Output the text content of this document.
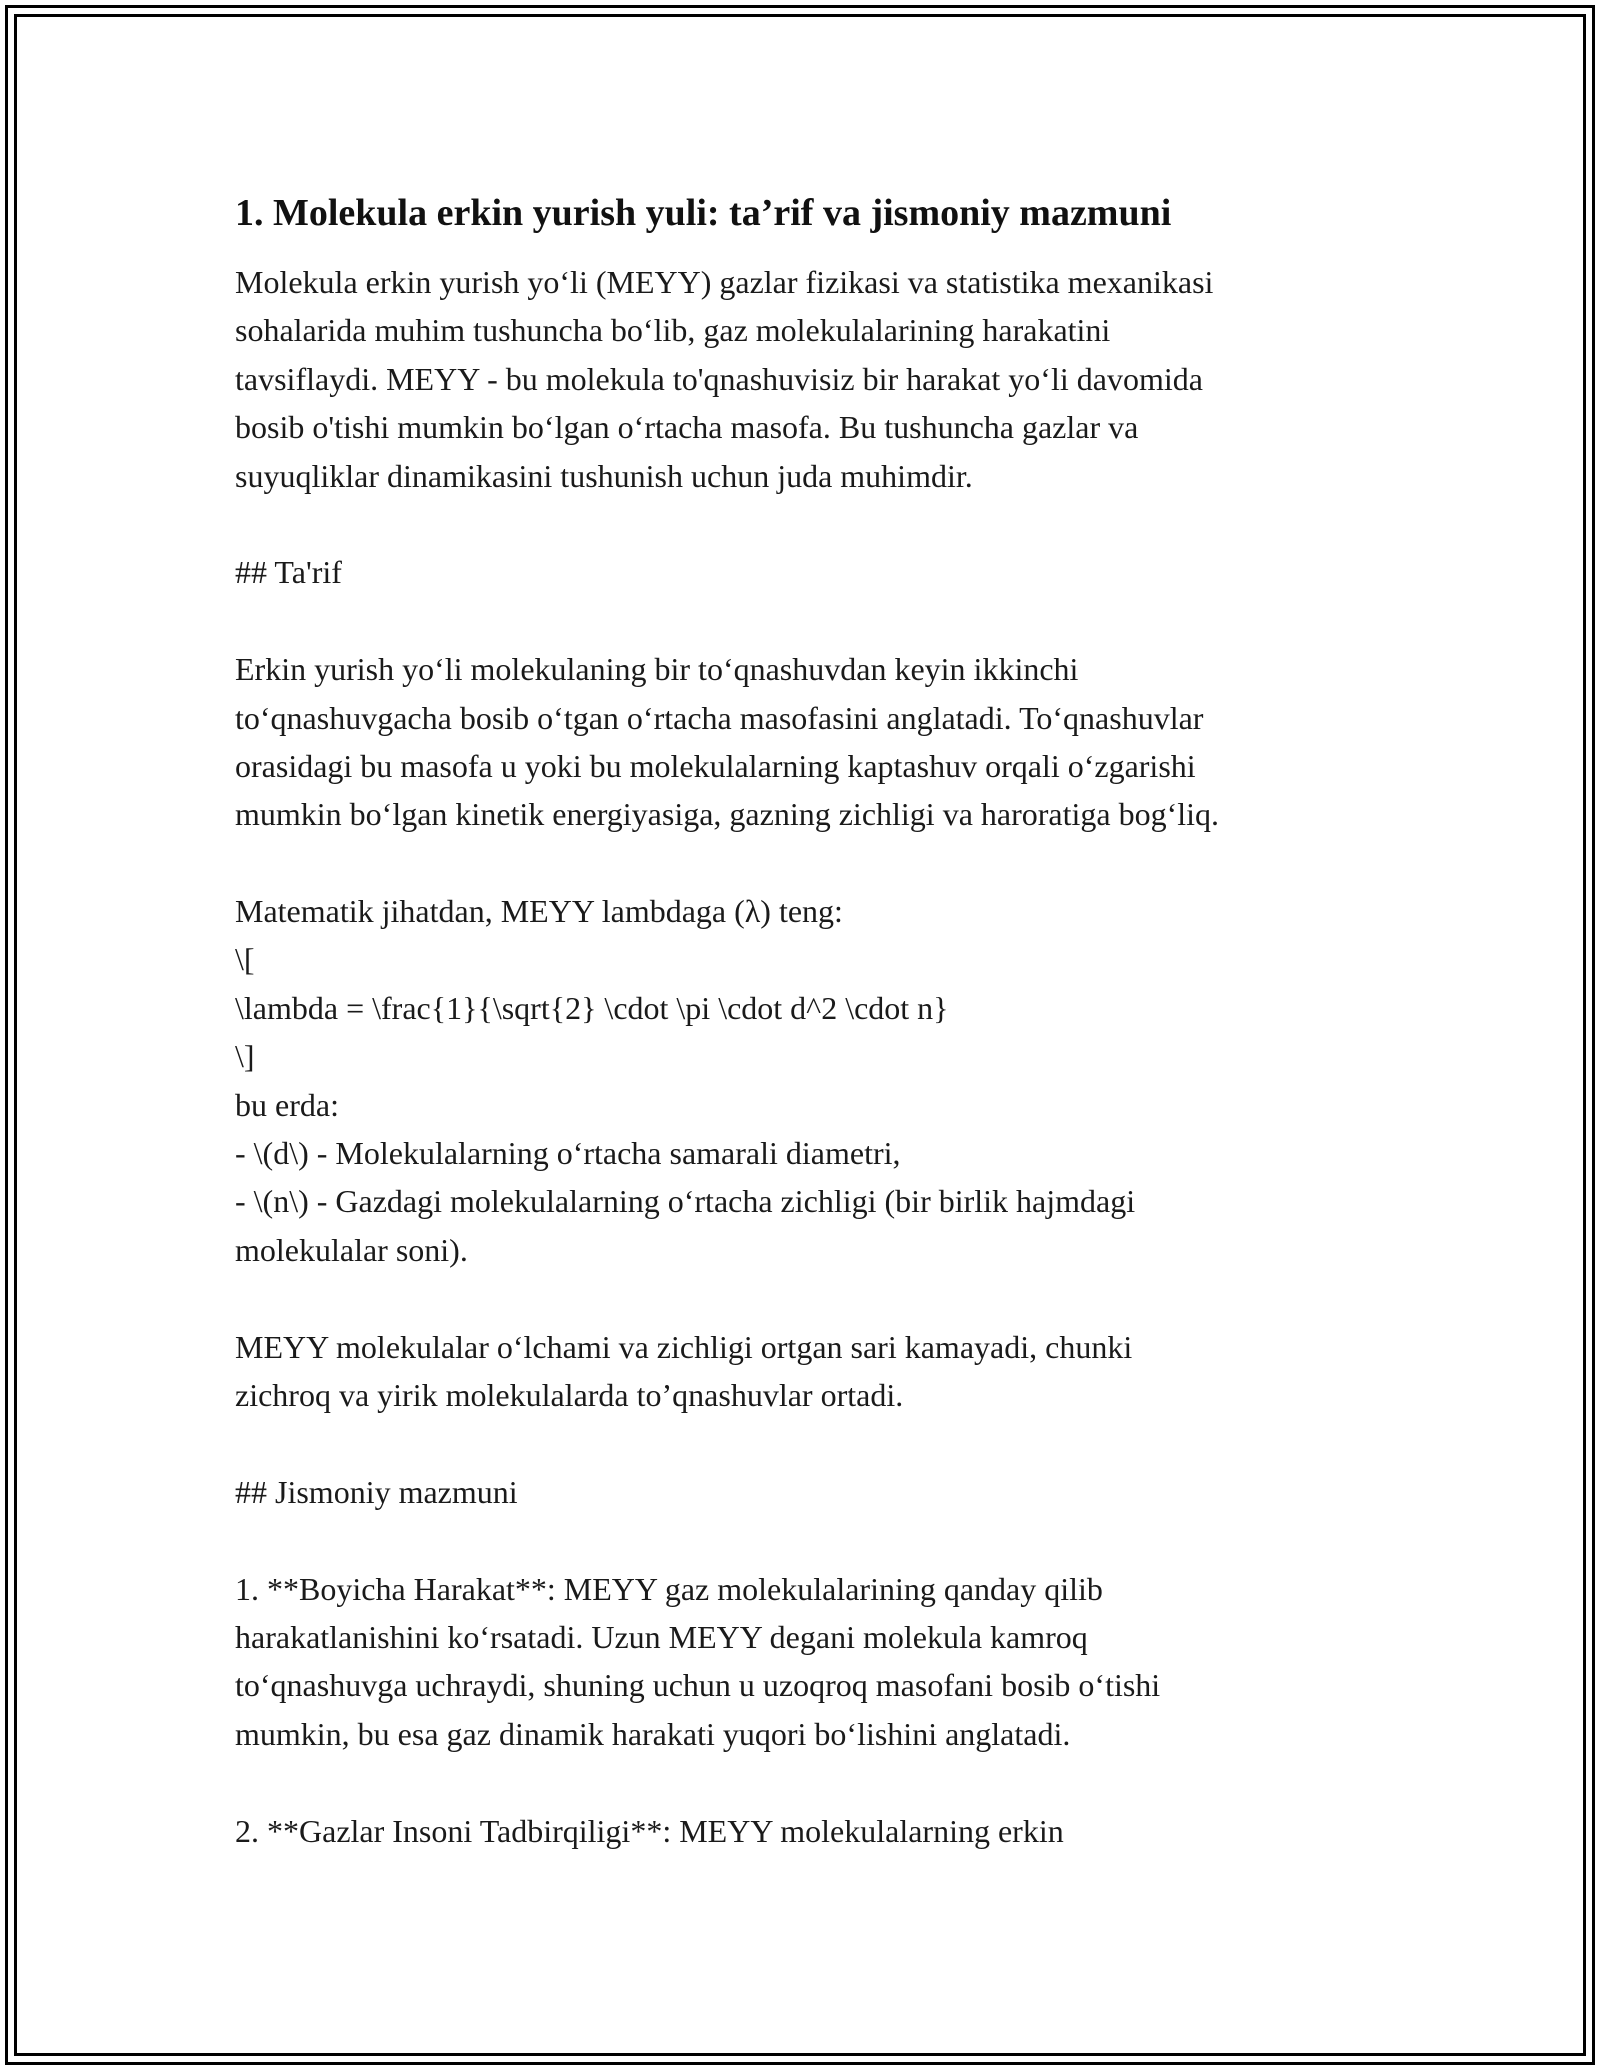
1. Molekula erkin yurish yuli: ta’rif va jismoniy mazmuni
Molekula erkin yurish yo‘li (MEYY) gazlar fizikasi va statistika mexanikasi
sohalarida muhim tushuncha bo‘lib, gaz molekulalarining harakatini
tavsiflaydi. MEYY - bu molekula to'qnashuvisiz bir harakat yo‘li davomida
bosib o'tishi mumkin bo‘lgan o‘rtacha masofa. Bu tushuncha gazlar va
suyuqliklar dinamikasini tushunish uchun juda muhimdir.
## Ta'rif
Erkin yurish yo‘li molekulaning bir to‘qnashuvdan keyin ikkinchi
to‘qnashuvgacha bosib o‘tgan o‘rtacha masofasini anglatadi. To‘qnashuvlar
orasidagi bu masofa u yoki bu molekulalarning kaptashuv orqali o‘zgarishi
mumkin bo‘lgan kinetik energiyasiga, gazning zichligi va haroratiga bog‘liq.
Matematik jihatdan, MEYY lambdaga (λ) teng:
\[
\lambda = \frac{1}{\sqrt{2} \cdot \pi \cdot d^2 \cdot n}
\]
bu erda:
- \(d\) - Molekulalarning o‘rtacha samarali diametri,
- \(n\) - Gazdagi molekulalarning o‘rtacha zichligi (bir birlik hajmdagi
molekulalar soni).
MEYY molekulalar o‘lchami va zichligi ortgan sari kamayadi, chunki
zichroq va yirik molekulalarda to’qnashuvlar ortadi.
## Jismoniy mazmuni
1. **Boyicha Harakat**: MEYY gaz molekulalarining qanday qilib
harakatlanishini ko‘rsatadi. Uzun MEYY degani molekula kamroq
to‘qnashuvga uchraydi, shuning uchun u uzoqroq masofani bosib o‘tishi
mumkin, bu esa gaz dinamik harakati yuqori bo‘lishini anglatadi.
2. **Gazlar Insoni Tadbirqiligi**: MEYY molekulalarning erkin
